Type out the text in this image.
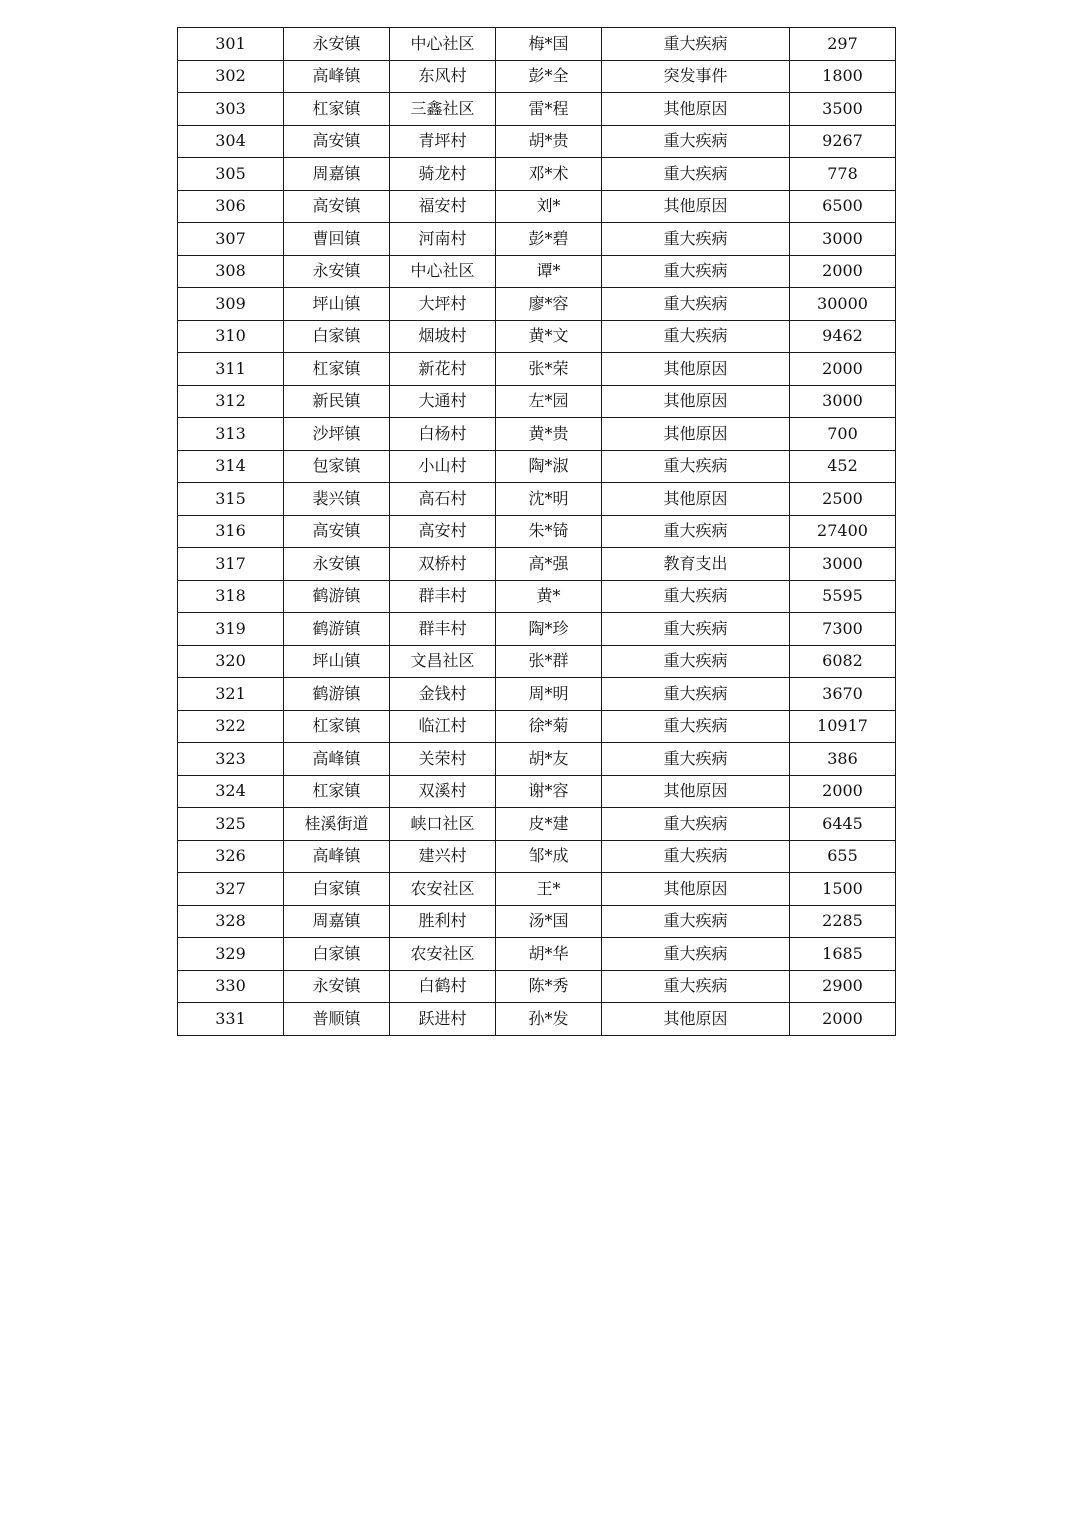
301	永安镇	中心社区	梅*国	重大疾病	297
302	高峰镇	东风村	彭*全	突发事件	1800
303	杠家镇	三鑫社区	雷*程	其他原因	3500
304	高安镇	青坪村	胡*贵	重大疾病	9267
305	周嘉镇	骑龙村	邓*术	重大疾病	778
306	高安镇	福安村	刘*	其他原因	6500
307	曹回镇	河南村	彭*碧	重大疾病	3000
308	永安镇	中心社区	谭*	重大疾病	2000
309	坪山镇	大坪村	廖*容	重大疾病	30000
310	白家镇	烟坡村	黄*文	重大疾病	9462
311	杠家镇	新花村	张*荣	其他原因	2000
312	新民镇	大通村	左*园	其他原因	3000
313	沙坪镇	白杨村	黄*贵	其他原因	700
314	包家镇	小山村	陶*淑	重大疾病	452
315	裴兴镇	高石村	沈*明	其他原因	2500
316	高安镇	高安村	朱*锜	重大疾病	27400
317	永安镇	双桥村	高*强	教育支出	3000
318	鹤游镇	群丰村	黄*	重大疾病	5595
319	鹤游镇	群丰村	陶*珍	重大疾病	7300
320	坪山镇	文昌社区	张*群	重大疾病	6082
321	鹤游镇	金钱村	周*明	重大疾病	3670
322	杠家镇	临江村	徐*菊	重大疾病	10917
323	高峰镇	关荣村	胡*友	重大疾病	386
324	杠家镇	双溪村	谢*容	其他原因	2000
325	桂溪街道	峡口社区	皮*建	重大疾病	6445
326	高峰镇	建兴村	邹*成	重大疾病	655
327	白家镇	农安社区	王*	其他原因	1500
328	周嘉镇	胜利村	汤*国	重大疾病	2285
329	白家镇	农安社区	胡*华	重大疾病	1685
330	永安镇	白鹤村	陈*秀	重大疾病	2900
331	普顺镇	跃进村	孙*发	其他原因	2000
